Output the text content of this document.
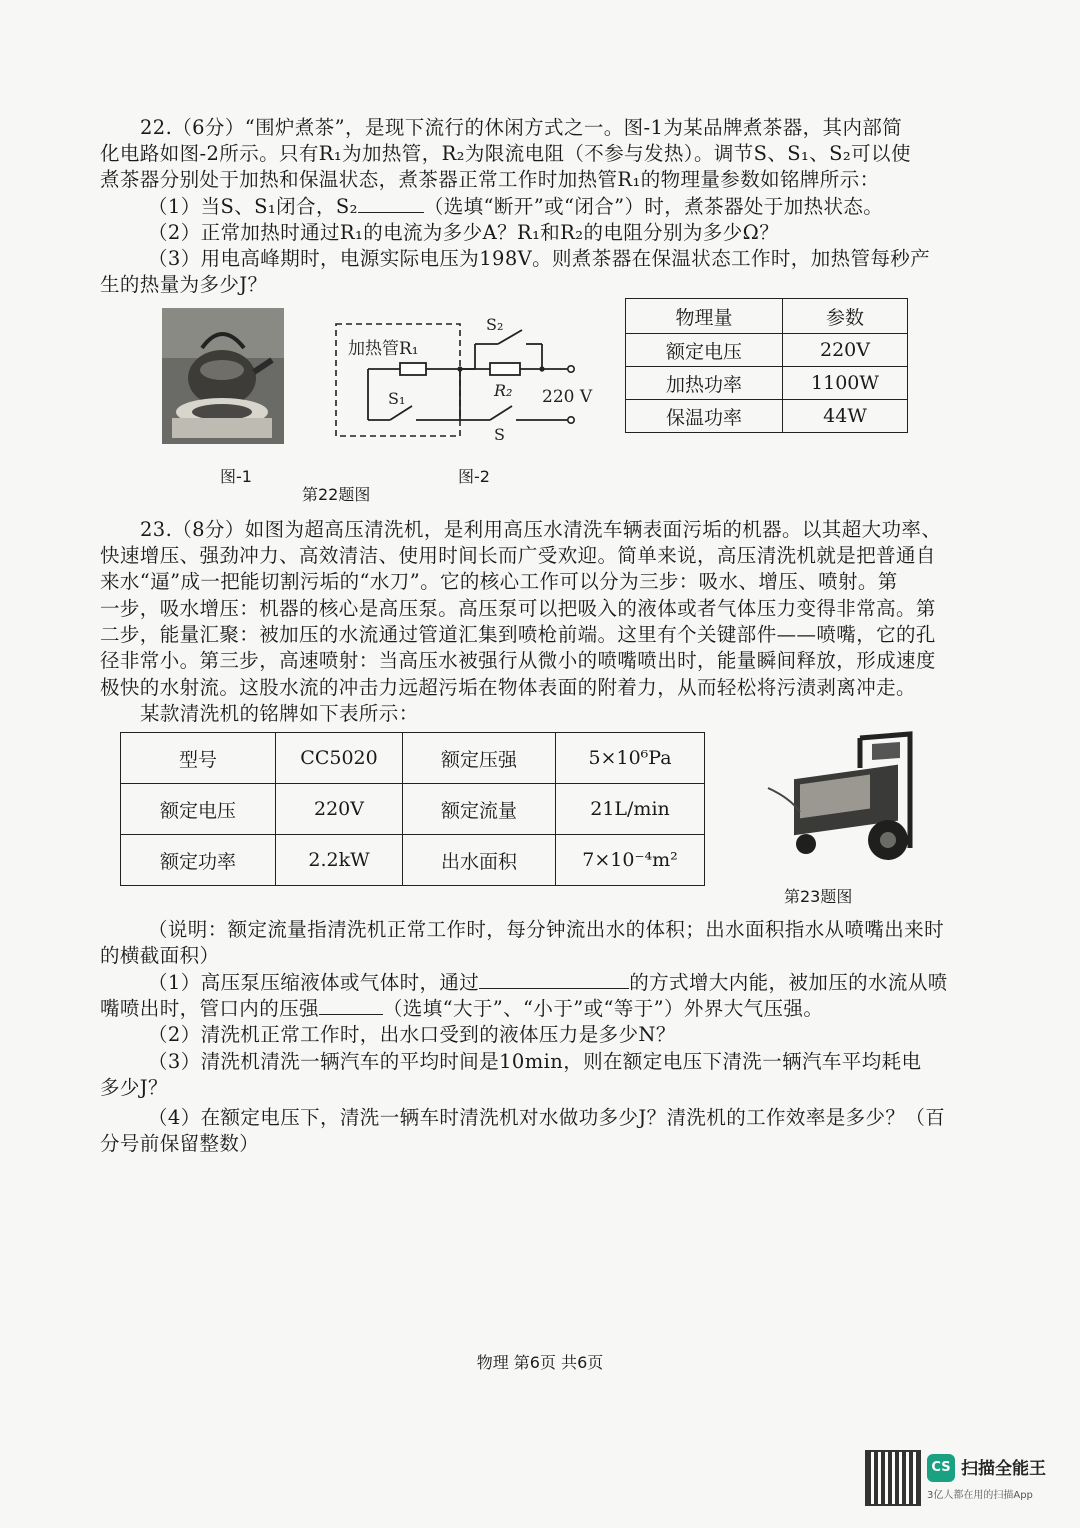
22.（6分）“围炉煮茶”，是现下流行的休闲方式之一。图-1为某品牌煮茶器，其内部简

化电路如图-2所示。只有R₁为加热管，R₂为限流电阻（不参与发热）。调节S、S₁、S₂可以使

煮茶器分别处于加热和保温状态，煮茶器正常工作时加热管R₁的物理量参数如铭牌所示：

（1）当S、S₁闭合，S₂	（选填“断开”或“闭合”）时，煮茶器处于加热状态。

（2）正常加热时通过R₁的电流为多少A？R₁和R₂的电阻分别为多少Ω？

（3）用电高峰期时，电源实际电压为198V。则煮茶器在保温状态工作时，加热管每秒产

生的热量为多少J？

加热管R₁
S₁
S₂
R₂
S
220 V
物理量	参数
额定电压	220V
加热功率	1100W
保温功率	44W
图-1	图-2
第22题图

23.（8分）如图为超高压清洗机，是利用高压水清洗车辆表面污垢的机器。以其超大功率、

快速增压、强劲冲力、高效清洁、使用时间长而广受欢迎。简单来说，高压清洗机就是把普通自

来水“逼”成一把能切割污垢的“水刀”。它的核心工作可以分为三步：吸水、增压、喷射。第

一步，吸水增压：机器的核心是高压泵。高压泵可以把吸入的液体或者气体压力变得非常高。第

二步，能量汇聚：被加压的水流通过管道汇集到喷枪前端。这里有个关键部件——喷嘴，它的孔

径非常小。第三步，高速喷射：当高压水被强行从微小的喷嘴喷出时，能量瞬间释放，形成速度

极快的水射流。这股水流的冲击力远超污垢在物体表面的附着力，从而轻松将污渍剥离冲走。

某款清洗机的铭牌如下表所示：

型号	CC5020	额定压强	5×10⁶Pa
额定电压	220V	额定流量	21L/min
额定功率	2.2kW	出水面积	7×10⁻⁴m²
第23题图

（说明：额定流量指清洗机正常工作时，每分钟流出水的体积；出水面积指水从喷嘴出来时

的横截面积）

（1）高压泵压缩液体或气体时，通过	的方式增大内能，被加压的水流从喷

嘴喷出时，管口内的压强	（选填“大于”、“小于”或“等于”）外界大气压强。

（2）清洗机正常工作时，出水口受到的液体压力是多少N？

（3）清洗机清洗一辆汽车的平均时间是10min，则在额定电压下清洗一辆汽车平均耗电

多少J？

（4）在额定电压下，清洗一辆车时清洗机对水做功多少J？清洗机的工作效率是多少？（百

分号前保留整数）

物理 第6页 共6页
CS 扫描全能王
3亿人都在用的扫描App
